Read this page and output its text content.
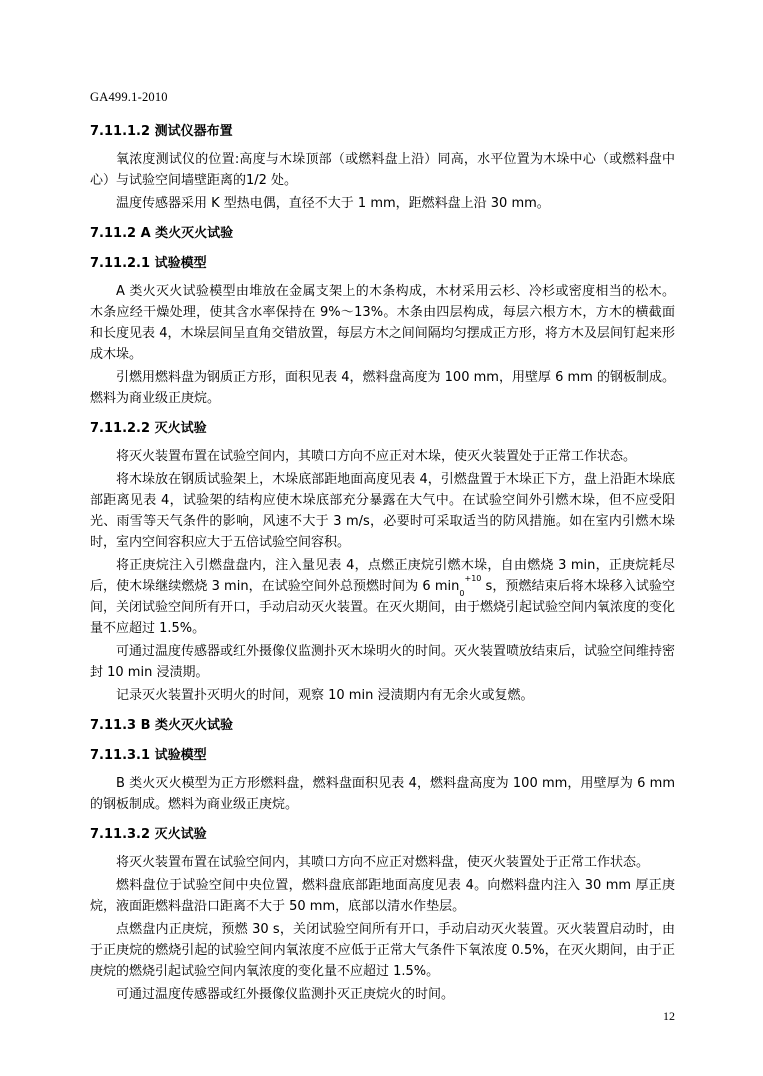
GA499.1-2010
7.11.1.2 测试仪器布置

氧浓度测试仪的位置:高度与木垛顶部（或燃料盘上沿）同高，水平位置为木垛中心（或燃料盘中心）与试验空间墙壁距离的1/2 处。

温度传感器采用 K 型热电偶，直径不大于 1 mm，距燃料盘上沿 30 mm。

7.11.2 A 类火灭火试验
7.11.2.1 试验模型

A 类火灭火试验模型由堆放在金属支架上的木条构成，木材采用云杉、冷杉或密度相当的松木。木条应经干燥处理，使其含水率保持在 9%～13%。木条由四层构成，每层六根方木，方木的横截面和长度见表 4，木垛层间呈直角交错放置，每层方木之间间隔均匀摆成正方形，将方木及层间钉起来形成木垛。

引燃用燃料盘为钢质正方形，面积见表 4，燃料盘高度为 100 mm，用壁厚 6 mm 的钢板制成。燃料为商业级正庚烷。

7.11.2.2 灭火试验

将灭火装置布置在试验空间内，其喷口方向不应正对木垛，使灭火装置处于正常工作状态。

将木垛放在钢质试验架上，木垛底部距地面高度见表 4，引燃盘置于木垛正下方，盘上沿距木垛底部距离见表 4，试验架的结构应使木垛底部充分暴露在大气中。在试验空间外引燃木垛，但不应受阳光、雨雪等天气条件的影响，风速不大于 3 m/s，必要时可采取适当的防风措施。如在室内引燃木垛时，室内空间容积应大于五倍试验空间容积。

将正庚烷注入引燃盘盘内，注入量见表 4，点燃正庚烷引燃木垛，自由燃烧 3 min，正庚烷耗尽后，使木垛继续燃烧 3 min，在试验空间外总预燃时间为 6 $\min_0^{+10} s$，预燃结束后将木垛移入试验空间，关闭试验空间所有开口，手动启动灭火装置。在灭火期间，由于燃烧引起试验空间内氧浓度的变化量不应超过 1.5%。

可通过温度传感器或红外摄像仪监测扑灭木垛明火的时间。灭火装置喷放结束后，试验空间维持密封 10 min 浸渍期。

记录灭火装置扑灭明火的时间，观察 10 min 浸渍期内有无余火或复燃。

7.11.3 B 类火灭火试验
7.11.3.1 试验模型

B 类火灭火模型为正方形燃料盘，燃料盘面积见表 4，燃料盘高度为 100 mm，用壁厚为 6 mm 的钢板制成。燃料为商业级正庚烷。

7.11.3.2 灭火试验

将灭火装置布置在试验空间内，其喷口方向不应正对燃料盘，使灭火装置处于正常工作状态。

燃料盘位于试验空间中央位置，燃料盘底部距地面高度见表 4。向燃料盘内注入 30 mm 厚正庚烷，液面距燃料盘沿口距离不大于 50 mm，底部以清水作垫层。

点燃盘内正庚烷，预燃 30 s，关闭试验空间所有开口，手动启动灭火装置。灭火装置启动时，由于正庚烷的燃烧引起的试验空间内氧浓度不应低于正常大气条件下氧浓度 0.5%，在灭火期间，由于正庚烷的燃烧引起试验空间内氧浓度的变化量不应超过 1.5%。

可通过温度传感器或红外摄像仪监测扑灭正庚烷火的时间。

12
